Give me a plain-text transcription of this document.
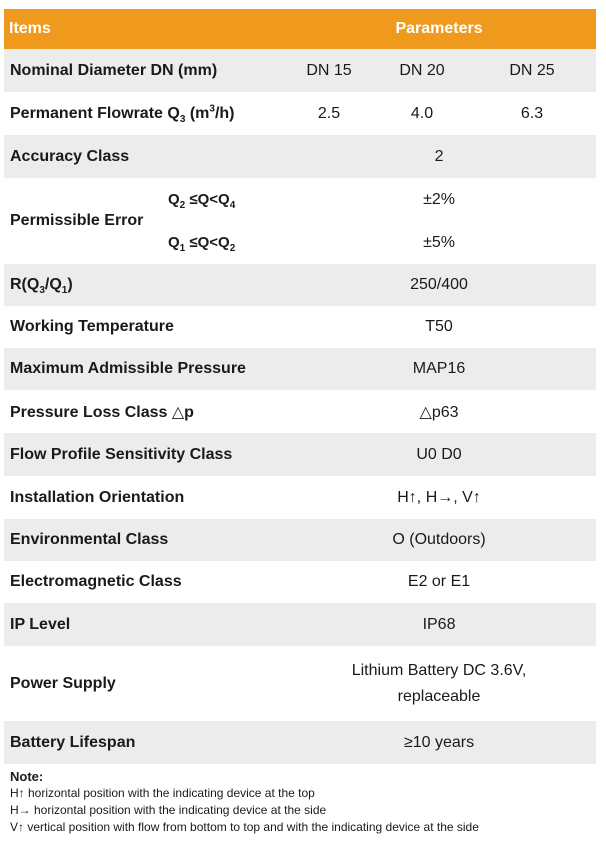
Items		Parameters		
Nominal Diameter DN (mm)		DN 15	DN 20	DN 25
Permanent Flowrate $Q_3$ $(m^3/h)$		2.5	4.0	6.3
Accuracy Class		2		
Permissible Error	$Q_2 \le Q<Q_4$	±2%		
	$Q_1 \le Q<Q_2$	±5%		
$R(Q_3/Q_1)$		250/400		
Working Temperature		T50		
Maximum Admissible Pressure		MAP16		
Pressure Loss Class △p		△p63		
Flow Profile Sensitivity Class		U0 D0		
Installation Orientation		H↑, H→, V↑		
Environmental Class		O (Outdoors)		
Electromagnetic Class		E2 or E1		
IP Level		IP68		
Power Supply		Lithium Battery DC 3.6V,
replaceable		
Battery Lifespan		≥10 years		
Note:
H↑ horizontal position with the indicating device at the top
H→ horizontal position with the indicating device at the side
V↑ vertical position with flow from bottom to top and with the indicating device at the side
